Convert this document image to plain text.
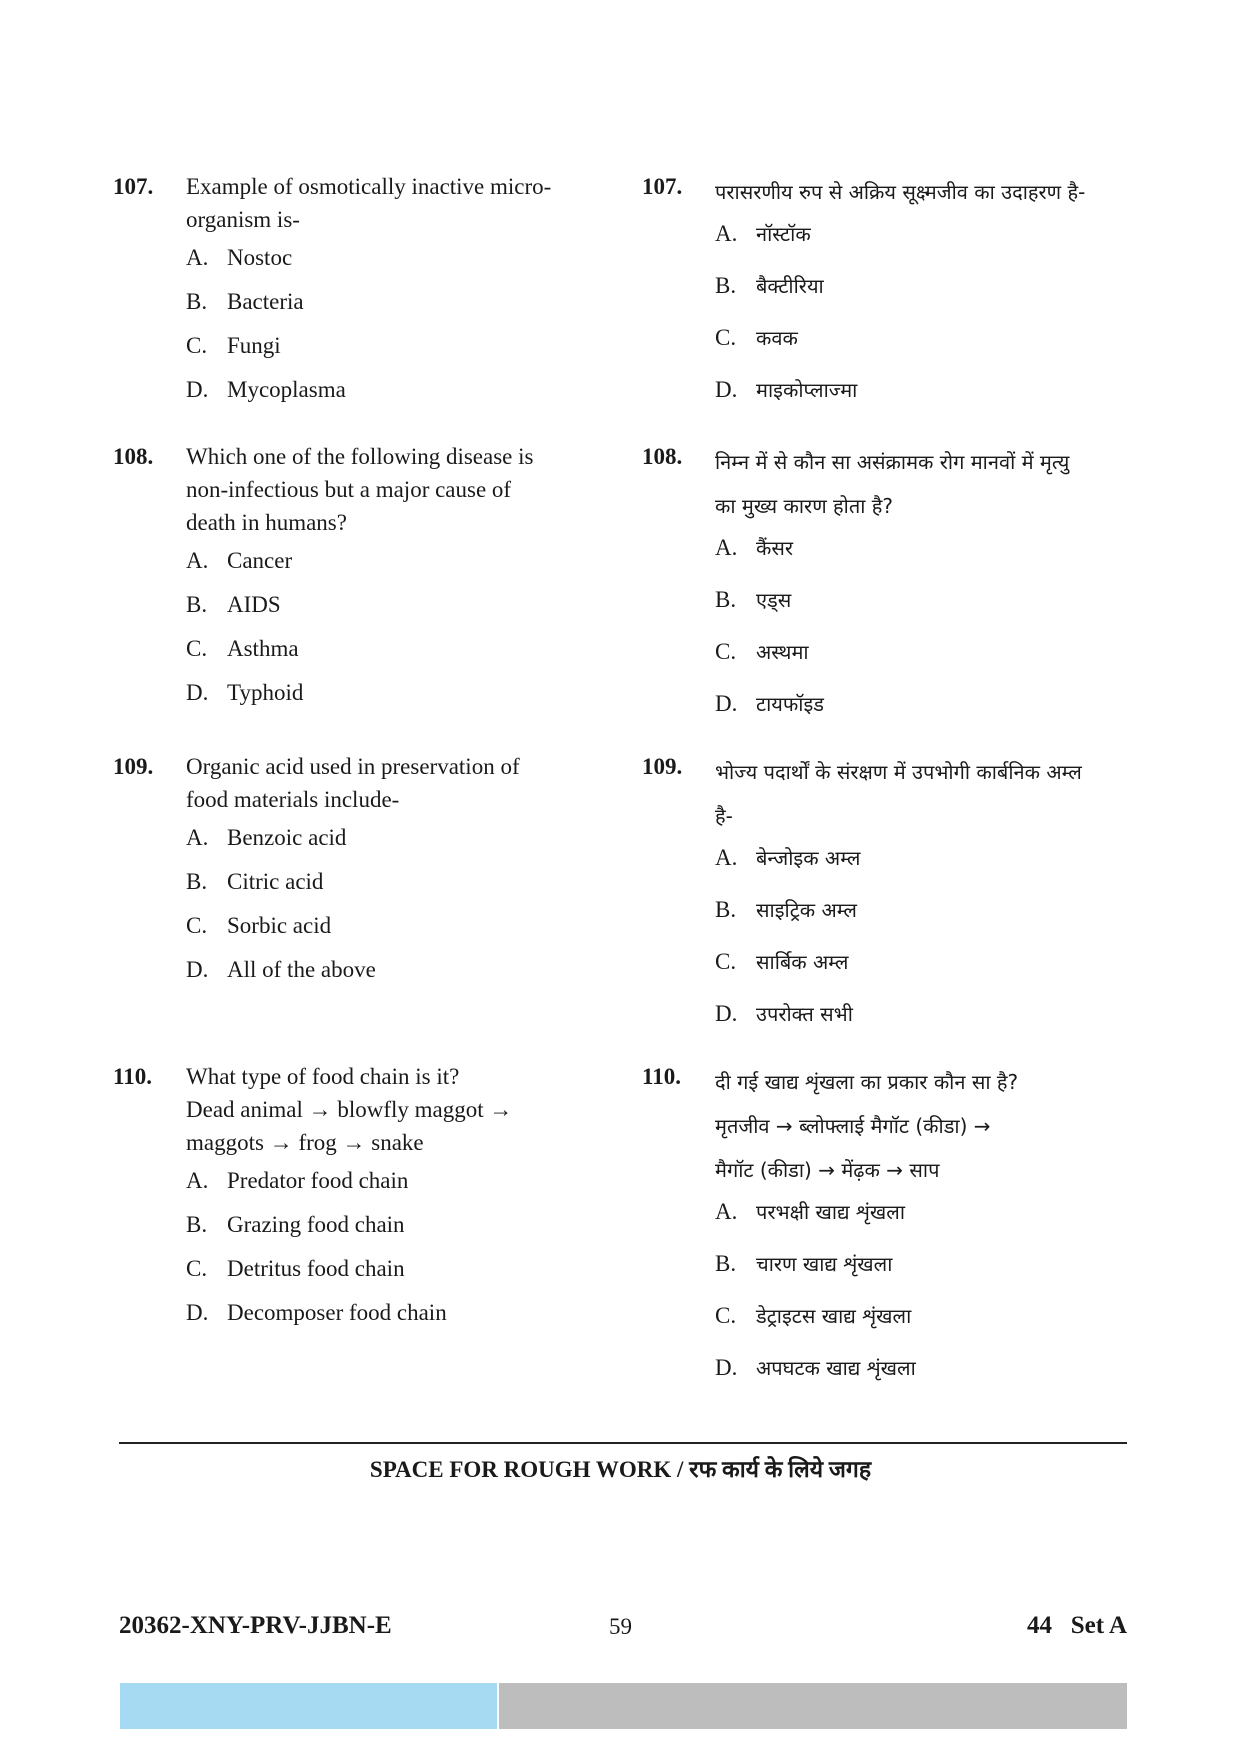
107. Example of osmotically inactive micro-
organism is-
A. Nostoc
B. Bacteria
C. Fungi
D. Mycoplasma
108. Which one of the following disease is
non-infectious but a major cause of
death in humans?
A. Cancer
B. AIDS
C. Asthma
D. Typhoid
109. Organic acid used in preservation of
food materials include-
A. Benzoic acid
B. Citric acid
C. Sorbic acid
D. All of the above
110. What type of food chain is it?
Dead animal → blowfly maggot →
maggots → frog → snake
A. Predator food chain
B. Grazing food chain
C. Detritus food chain
D. Decomposer food chain
107. परासरणीय रुप से अक्रिय सूक्ष्मजीव का उदाहरण है-
A. नॉस्टॉक
B. बैक्टीरिया
C. कवक
D. माइकोप्लाज्मा
108. निम्न में से कौन सा असंक्रामक रोग मानवों में मृत्यु
का मुख्य कारण होता है?
A. कैंसर
B. एड्स
C. अस्थमा
D. टायफॉइड
109. भोज्य पदार्थों के संरक्षण में उपभोगी कार्बनिक अम्ल
है-
A. बेन्जोइक अम्ल
B. साइट्रिक अम्ल
C. सार्बिक अम्ल
D. उपरोक्त सभी
110. दी गई खाद्य शृंखला का प्रकार कौन सा है?
मृतजीव → ब्लोफ्लाई मैगॉट (कीडा) →
मैगॉट (कीडा) → मेंढ़क → साप
A. परभक्षी खाद्य शृंखला
B. चारण खाद्य शृंखला
C. डेट्राइटस खाद्य शृंखला
D. अपघटक खाद्य शृंखला
SPACE FOR ROUGH WORK / रफ कार्य के लिये जगह
20362-XNY-PRV-JJBN-E	59	44   Set A
